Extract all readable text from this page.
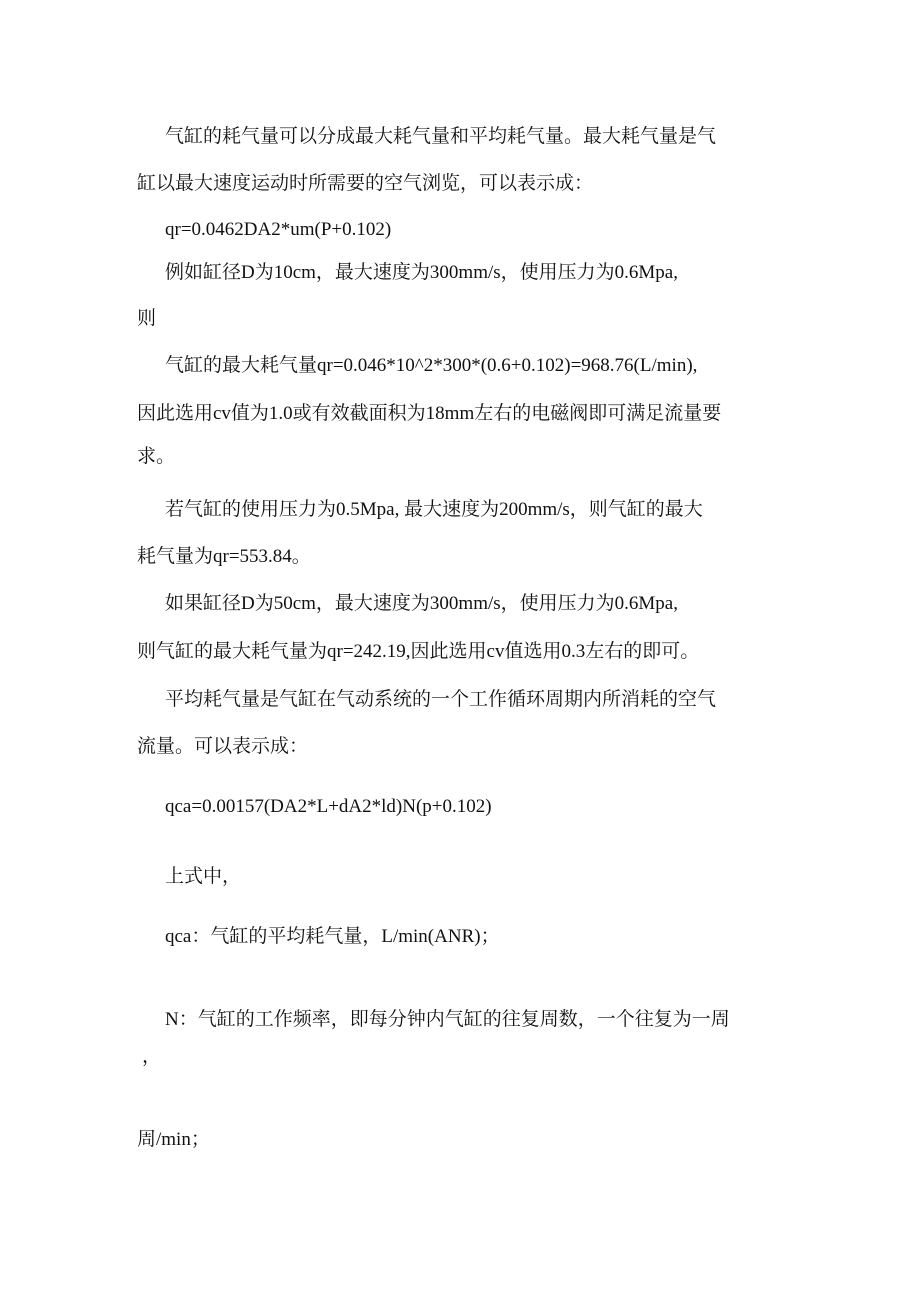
气缸的耗气量可以分成最大耗气量和平均耗气量。最大耗气量是气
缸以最大速度运动时所需要的空气浏览，可以表示成：
qr=0.0462DA2*um(P+0.102)
例如缸径D为10cm，最大速度为300mm/s，使用压力为0.6Mpa,
则
气缸的最大耗气量qr=0.046*10^2*300*(0.6+0.102)=968.76(L/min),
因此选用cv值为1.0或有效截面积为18mm左右的电磁阀即可满足流量要
求。
若气缸的使用压力为0.5Mpa, 最大速度为200mm/s，则气缸的最大
耗气量为qr=553.84。
如果缸径D为50cm，最大速度为300mm/s，使用压力为0.6Mpa,
则气缸的最大耗气量为qr=242.19,因此选用cv值选用0.3左右的即可。
平均耗气量是气缸在气动系统的一个工作循环周期内所消耗的空气
流量。可以表示成：
qca=0.00157(DA2*L+dA2*ld)N(p+0.102)
上式中，
qca：气缸的平均耗气量，L/min(ANR)；
N：气缸的工作频率，即每分钟内气缸的往复周数，一个往复为一周
，
周/min；
